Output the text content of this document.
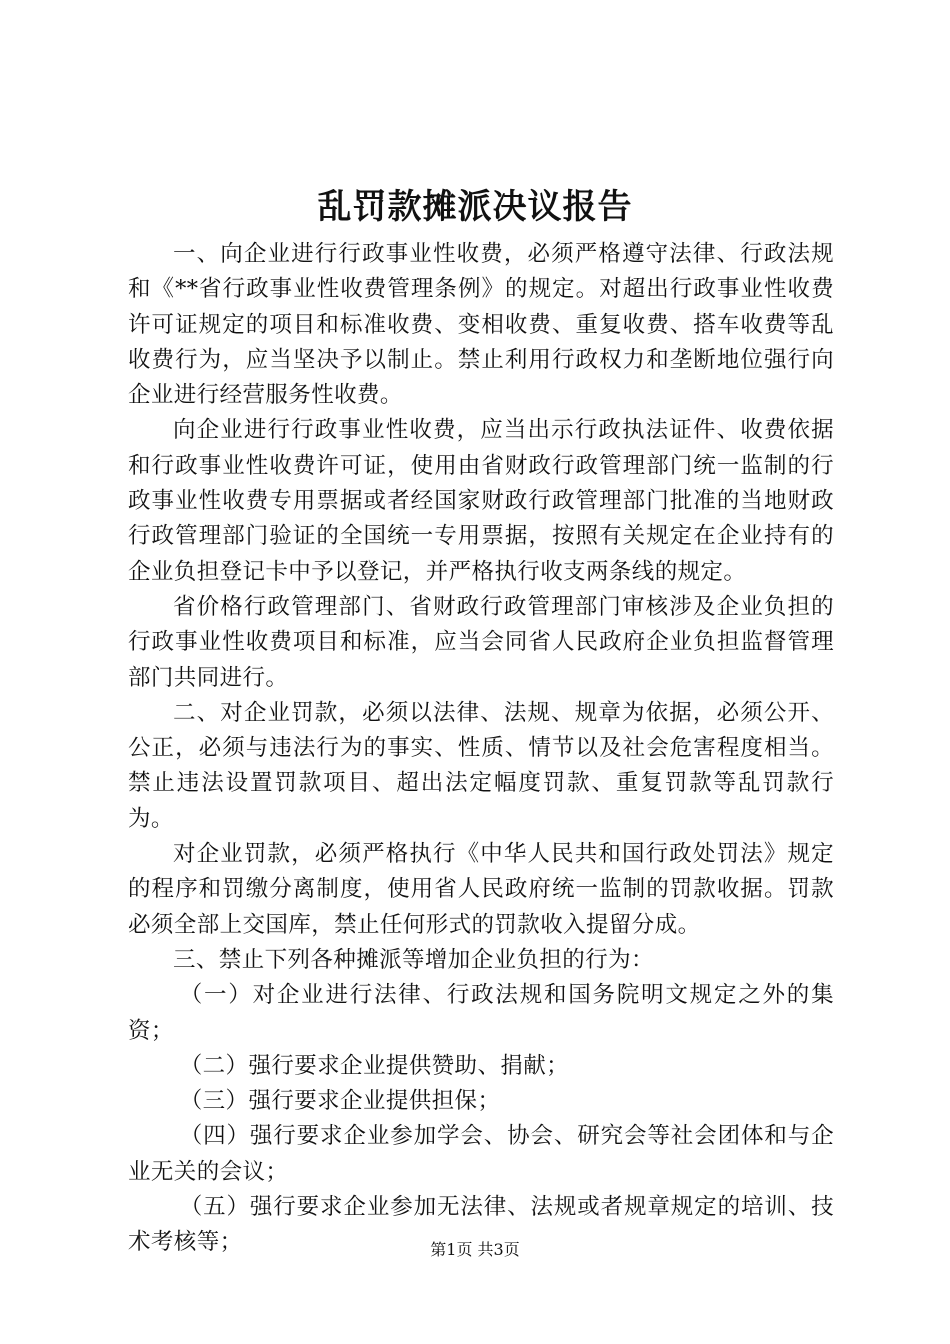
乱罚款摊派决议报告

一、向企业进行行政事业性收费，必须严格遵守法律、行政法规和《**省行政事业性收费管理条例》的规定。对超出行政事业性收费许可证规定的项目和标准收费、变相收费、重复收费、搭车收费等乱收费行为，应当坚决予以制止。禁止利用行政权力和垄断地位强行向企业进行经营服务性收费。

向企业进行行政事业性收费，应当出示行政执法证件、收费依据和行政事业性收费许可证，使用由省财政行政管理部门统一监制的行政事业性收费专用票据或者经国家财政行政管理部门批准的当地财政行政管理部门验证的全国统一专用票据，按照有关规定在企业持有的企业负担登记卡中予以登记，并严格执行收支两条线的规定。

省价格行政管理部门、省财政行政管理部门审核涉及企业负担的行政事业性收费项目和标准，应当会同省人民政府企业负担监督管理部门共同进行。

二、对企业罚款，必须以法律、法规、规章为依据，必须公开、公正，必须与违法行为的事实、性质、情节以及社会危害程度相当。禁止违法设置罚款项目、超出法定幅度罚款、重复罚款等乱罚款行为。

对企业罚款，必须严格执行《中华人民共和国行政处罚法》规定的程序和罚缴分离制度，使用省人民政府统一监制的罚款收据。罚款必须全部上交国库，禁止任何形式的罚款收入提留分成。

三、禁止下列各种摊派等增加企业负担的行为：

（一）对企业进行法律、行政法规和国务院明文规定之外的集资；

（二）强行要求企业提供赞助、捐献；

（三）强行要求企业提供担保；

（四）强行要求企业参加学会、协会、研究会等社会团体和与企业无关的会议；

（五）强行要求企业参加无法律、法规或者规章规定的培训、技术考核等；	第1页 共3页
